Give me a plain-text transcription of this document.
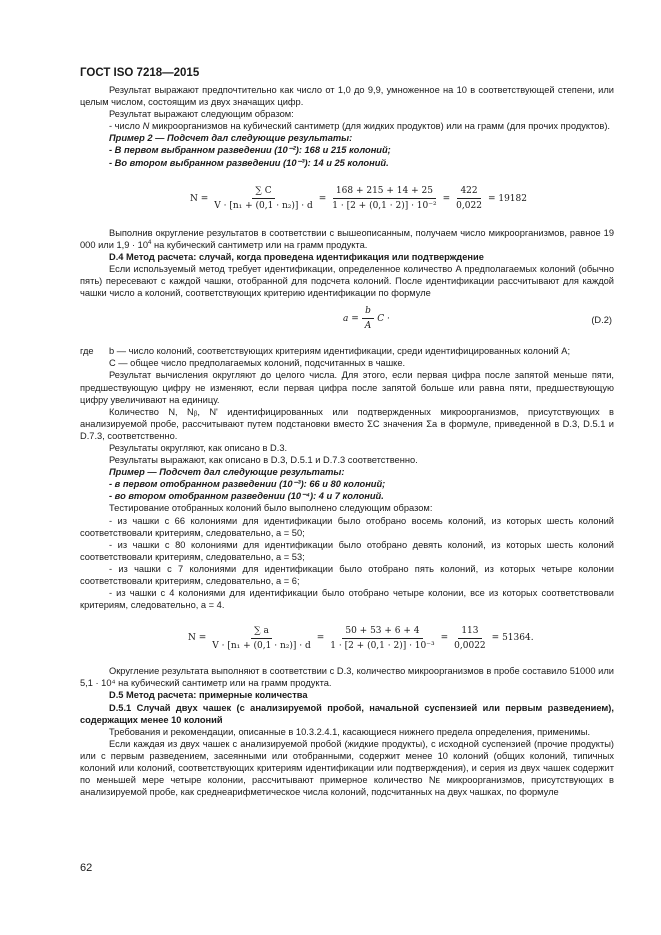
ГОСТ ISO 7218—2015

Результат выражают предпочтительно как число от 1,0 до 9,9, умноженное на 10 в соответствующей степени, или целым числом, состоящим из двух значащих цифр.

Результат выражают следующим образом:

- число N микроорганизмов на кубический сантиметр (для жидких продуктов) или на грамм (для прочих продуктов).

Пример 2 — Подсчет дал следующие результаты:

- В первом выбранном разведении (10⁻²): 168 и 215 колоний;

- Во втором выбранном разведении (10⁻³): 14 и 25 колоний.

$N = \frac{\sum C}{\text{V · [n₁ + (0,1 · n₂)] · d}} = \frac{168 + 215 + 14 + 25}{\text{1 · [2 + (0,1 · 2)] · 10⁻²}} = \frac{422}{0,022} = 19182$

Выполнив округление результатов в соответствии с вышеописанным, получаем число микроорганизмов, равное 19 000 или $1,9 \cdot 10^4$ на кубический сантиметр или на грамм продукта.

D.4 Метод расчета: случай, когда проведена идентификация или подтверждение

Если используемый метод требует идентификации, определенное количество A предполагаемых колоний (обычно пять) пересевают с каждой чашки, отобранной для подсчета колоний. После идентификации рассчитывают для каждой чашки число a колоний, соответствующих критерию идентификации по формуле

$a = \frac{b}{A}$ C ·	(D.2)
где	b — число колоний, соответствующих критериям идентификации, среди идентифицированных колоний A;

C — общее число предполагаемых колоний, подсчитанных в чашке.

Результат вычисления округляют до целого числа. Для этого, если первая цифра после запятой меньше пяти, предшествующую цифру не изменяют, если первая цифра после запятой больше или равна пяти, предшествующую цифру увеличивают на единицу.

Количество N, Nᵦ, N' идентифицированных или подтвержденных микроорганизмов, присутствующих в анализируемой пробе, рассчитывают путем подстановки вместо ΣC значения Σa в формуле, приведенной в D.3, D.5.1 и D.7.3, соответственно.

Результаты округляют, как описано в D.3.

Результаты выражают, как описано в D.3, D.5.1 и D.7.3 соответственно.

Пример — Подсчет дал следующие результаты:

- в первом отобранном разведении (10⁻³): 66 и 80 колоний;

- во втором отобранном разведении (10⁻⁴): 4 и 7 колоний.

Тестирование отобранных колоний было выполнено следующим образом:

- из чашки с 66 колониями для идентификации было отобрано восемь колоний, из которых шесть колоний соответствовали критериям, следовательно, a = 50;

- из чашки с 80 колониями для идентификации было отобрано девять колоний, из которых шесть колоний соответствовали критериям, следовательно, a = 53;

- из чашки с 7 колониями для идентификации было отобрано пять колоний, из которых четыре колонии соответствовали критериям, следовательно, a = 6;

- из чашки с 4 колониями для идентификации было отобрано четыре колонии, все из которых соответствовали критериям, следовательно, a = 4.

$N = \frac{\sum a}{\text{V · [n₁ + (0,1 · n₂)] · d}} = \frac{50 + 53 + 6 + 4}{\text{1 · [2 + (0,1 · 2)] · 10⁻³}} = \frac{113}{0,0022} = 51364$.

Округление результата выполняют в соответствии с D.3, количество микроорганизмов в пробе составило 51000 или 5,1 · 10⁴ на кубический сантиметр или на грамм продукта.

D.5 Метод расчета: примерные количества

D.5.1 Случай двух чашек (с анализируемой пробой, начальной суспензией или первым разведением), содержащих менее 10 колоний

Требования и рекомендации, описанные в 10.3.2.4.1, касающиеся нижнего предела определения, применимы.

Если каждая из двух чашек с анализируемой пробой (жидкие продукты), с исходной суспензией (прочие продукты) или с первым разведением, засеянными или отобранными, содержит менее 10 колоний (общих колоний, типичных колоний или колоний, соответствующих критериям идентификации или подтверждения), и серия из двух чашек содержит по меньшей мере четыре колонии, рассчитывают примерное количество Nᴇ микроорганизмов, присутствующих в анализируемой пробе, как среднеарифметическое числа колоний, подсчитанных на двух чашках, по формуле

62
